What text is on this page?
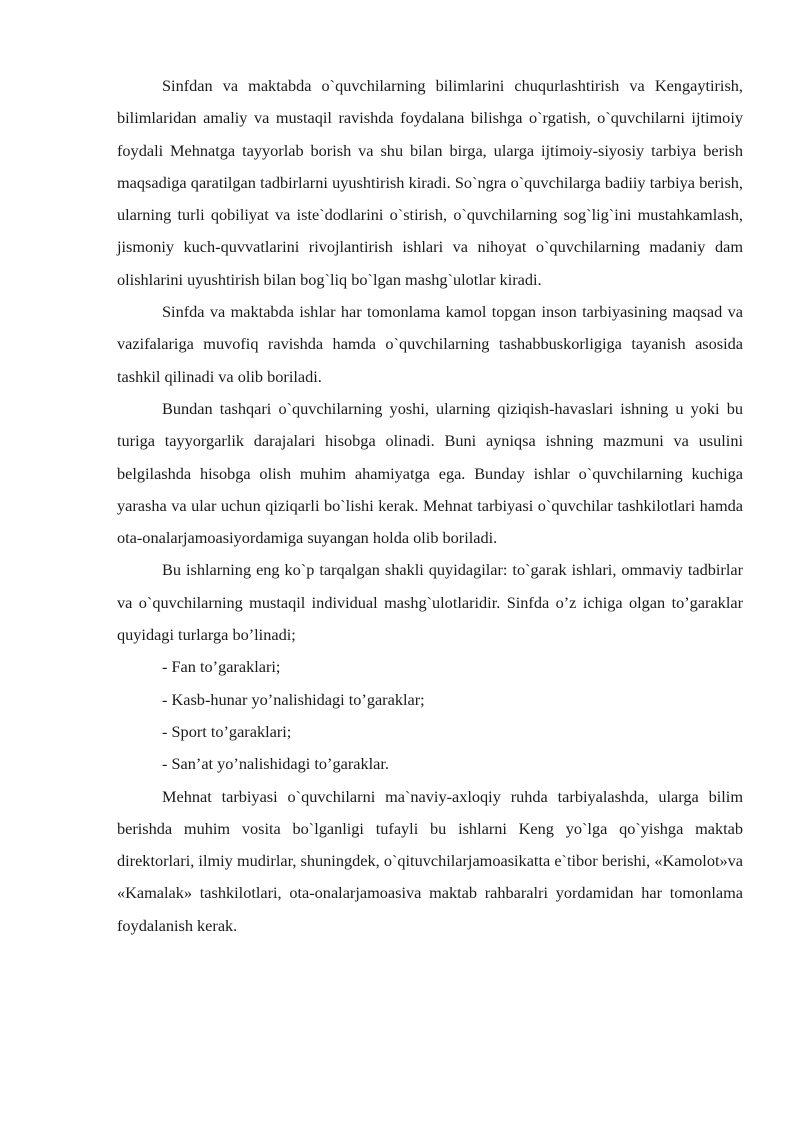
Sinfdan va maktabda o`quvchilarning bilimlarini chuqurlashtirish va Kengaytirish, bilimlaridan amaliy va mustaqil ravishda foydalana bilishga o`rgatish, o`quvchilarni ijtimoiy foydali Mehnatga tayyorlab borish va shu bilan birga, ularga ijtimoiy-siyosiy tarbiya berish maqsadiga qaratilgan tadbirlarni uyushtirish kiradi. So`ngra o`quvchilarga badiiy tarbiya berish, ularning turli qobiliyat va iste`dodlarini o`stirish, o`quvchilarning sog`lig`ini mustahkamlash, jismoniy kuch-quvvatlarini rivojlantirish ishlari va nihoyat o`quvchilarning madaniy dam olishlarini uyushtirish bilan bog`liq bo`lgan mashg`ulotlar kiradi.

Sinfda va maktabda ishlar har tomonlama kamol topgan inson tarbiyasining maqsad va vazifalariga muvofiq ravishda hamda o`quvchilarning tashabbuskorligiga tayanish asosida tashkil qilinadi va olib boriladi.

Bundan tashqari o`quvchilarning yoshi, ularning qiziqish-havaslari ishning u yoki bu turiga tayyorgarlik darajalari hisobga olinadi. Buni ayniqsa ishning mazmuni va usulini belgilashda hisobga olish muhim ahamiyatga ega. Bunday ishlar o`quvchilarning kuchiga yarasha va ular uchun qiziqarli bo`lishi kerak. Mehnat tarbiyasi o`quvchilar tashkilotlari hamda ota-onalarjamoasiyordamiga suyangan holda olib boriladi.

Bu ishlarning eng ko`p tarqalgan shakli quyidagilar: to`garak ishlari, ommaviy tadbirlar va o`quvchilarning mustaqil individual mashg`ulotlaridir. Sinfda o’z ichiga olgan to’garaklar quyidagi turlarga bo’linadi;

- Fan to’garaklari;

- Kasb-hunar yo’nalishidagi to’garaklar;

- Sport to’garaklari;

- San’at yo’nalishidagi to’garaklar.

Mehnat tarbiyasi o`quvchilarni ma`naviy-axloqiy ruhda tarbiyalashda, ularga bilim berishda muhim vosita bo`lganligi tufayli bu ishlarni Keng yo`lga qo`yishga maktab direktorlari, ilmiy mudirlar, shuningdek, o`qituvchilarjamoasikatta e`tibor berishi, «Kamolot»va «Kamalak» tashkilotlari, ota-onalarjamoasiva maktab rahbaralri yordamidan har tomonlama foydalanish kerak.
